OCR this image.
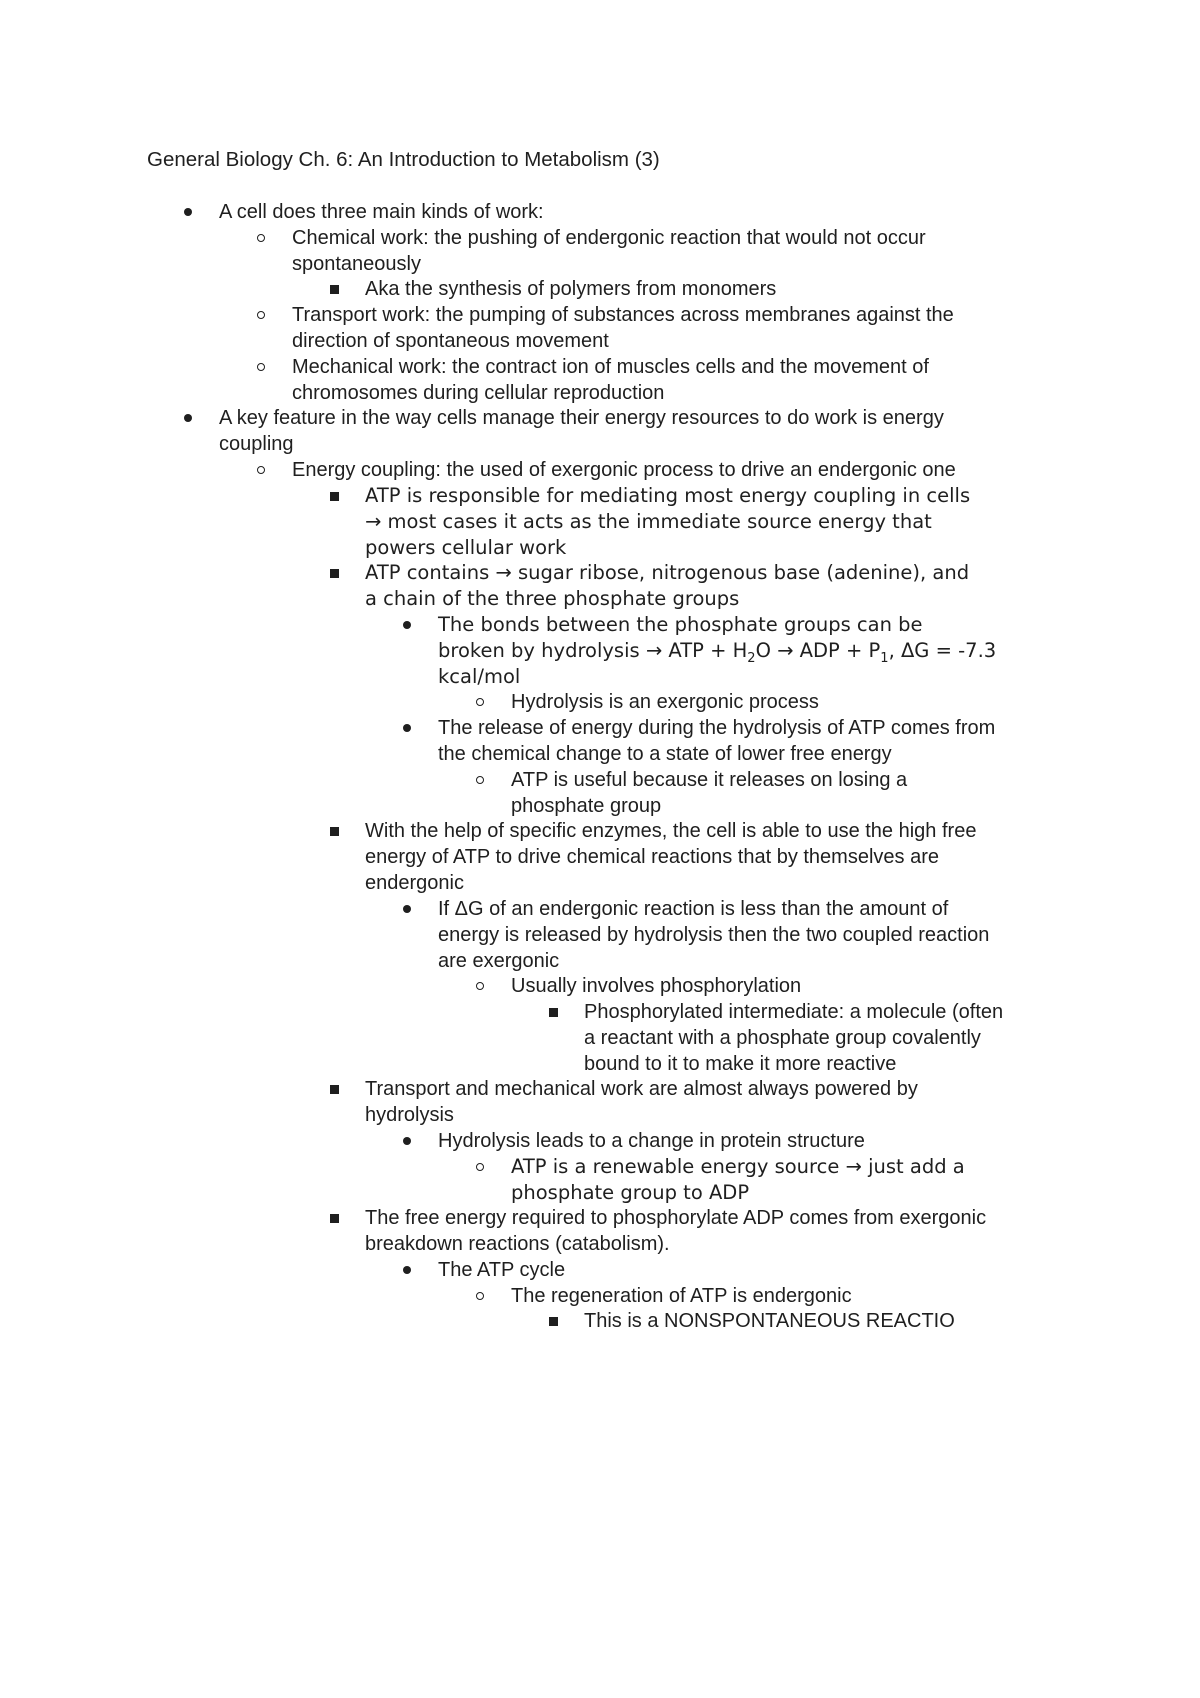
General Biology Ch. 6: An Introduction to Metabolism (3)
A cell does three main kinds of work:
Chemical work: the pushing of endergonic reaction that would not occur
spontaneously
Aka the synthesis of polymers from monomers
Transport work: the pumping of substances across membranes against the
direction of spontaneous movement
Mechanical work: the contract ion of muscles cells and the movement of
chromosomes during cellular reproduction
A key feature in the way cells manage their energy resources to do work is energy
coupling
Energy coupling: the used of exergonic process to drive an endergonic one
ATP is responsible for mediating most energy coupling in cells
→ most cases it acts as the immediate source energy that
powers cellular work
ATP contains → sugar ribose, nitrogenous base (adenine), and
a chain of the three phosphate groups
The bonds between the phosphate groups can be
broken by hydrolysis → ATP + $H_2O$ → ADP + $P_1$, ΔG = -7.3
kcal/mol
Hydrolysis is an exergonic process
The release of energy during the hydrolysis of ATP comes from
the chemical change to a state of lower free energy
ATP is useful because it releases on losing a
phosphate group
With the help of specific enzymes, the cell is able to use the high free
energy of ATP to drive chemical reactions that by themselves are
endergonic
If ΔG of an endergonic reaction is less than the amount of
energy is released by hydrolysis then the two coupled reaction
are exergonic
Usually involves phosphorylation
Phosphorylated intermediate: a molecule (often
a reactant with a phosphate group covalently
bound to it to make it more reactive
Transport and mechanical work are almost always powered by
hydrolysis
Hydrolysis leads to a change in protein structure
ATP is a renewable energy source → just add a
phosphate group to ADP
The free energy required to phosphorylate ADP comes from exergonic
breakdown reactions (catabolism).
The ATP cycle
The regeneration of ATP is endergonic
This is a NONSPONTANEOUS REACTIO
